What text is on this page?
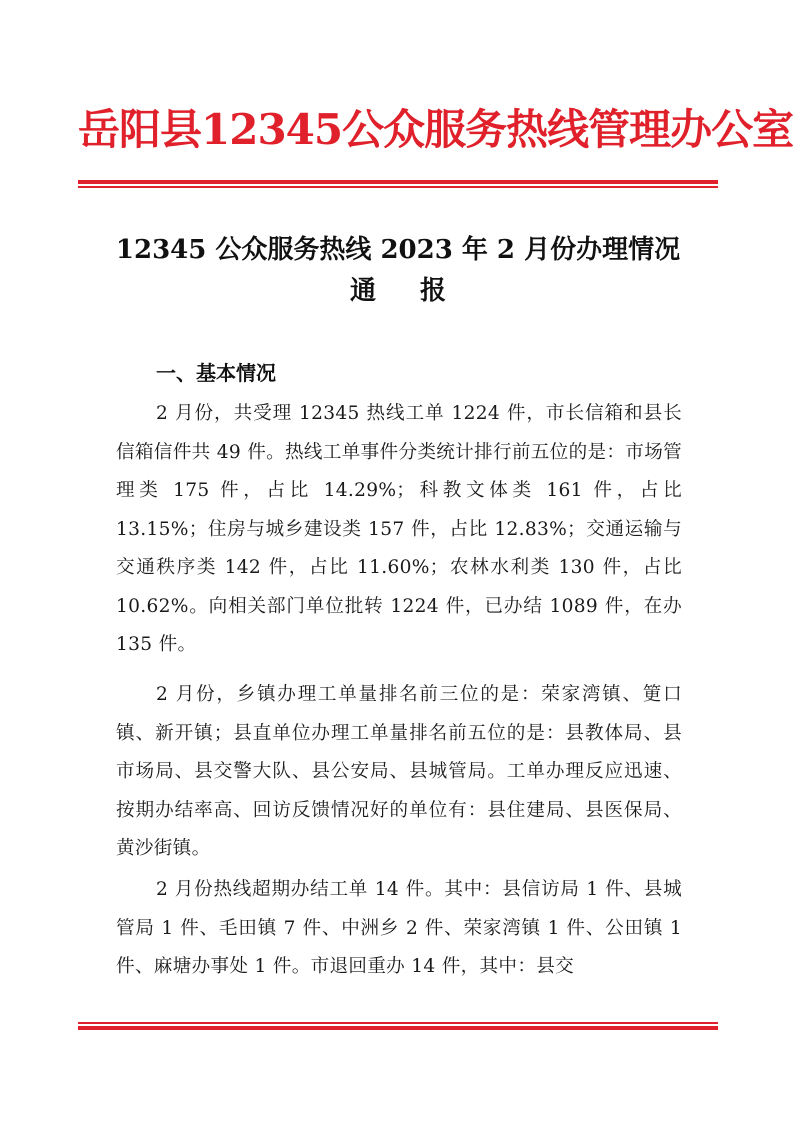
岳阳县12345公众服务热线管理办公室
12345 公众服务热线 2023 年 2 月份办理情况
通报
一、基本情况
2 月份，共受理 12345 热线工单 1224 件，市长信箱和县长信箱信件共 49 件。热线工单事件分类统计排行前五位的是：市场管理类 175 件，占比 14.29%；科教文体类 161 件，占比 13.15%；住房与城乡建设类 157 件，占比 12.83%；交通运输与交通秩序类 142 件，占比 11.60%；农林水利类 130 件，占比 10.62%。向相关部门单位批转 1224 件，已办结 1089 件，在办 135 件。
2 月份，乡镇办理工单量排名前三位的是：荣家湾镇、筻口镇、新开镇；县直单位办理工单量排名前五位的是：县教体局、县市场局、县交警大队、县公安局、县城管局。工单办理反应迅速、按期办结率高、回访反馈情况好的单位有：县住建局、县医保局、黄沙街镇。
2 月份热线超期办结工单 14 件。其中：县信访局 1 件、县城管局 1 件、毛田镇 7 件、中洲乡 2 件、荣家湾镇 1 件、公田镇 1 件、麻塘办事处 1 件。市退回重办 14 件，其中：县交
